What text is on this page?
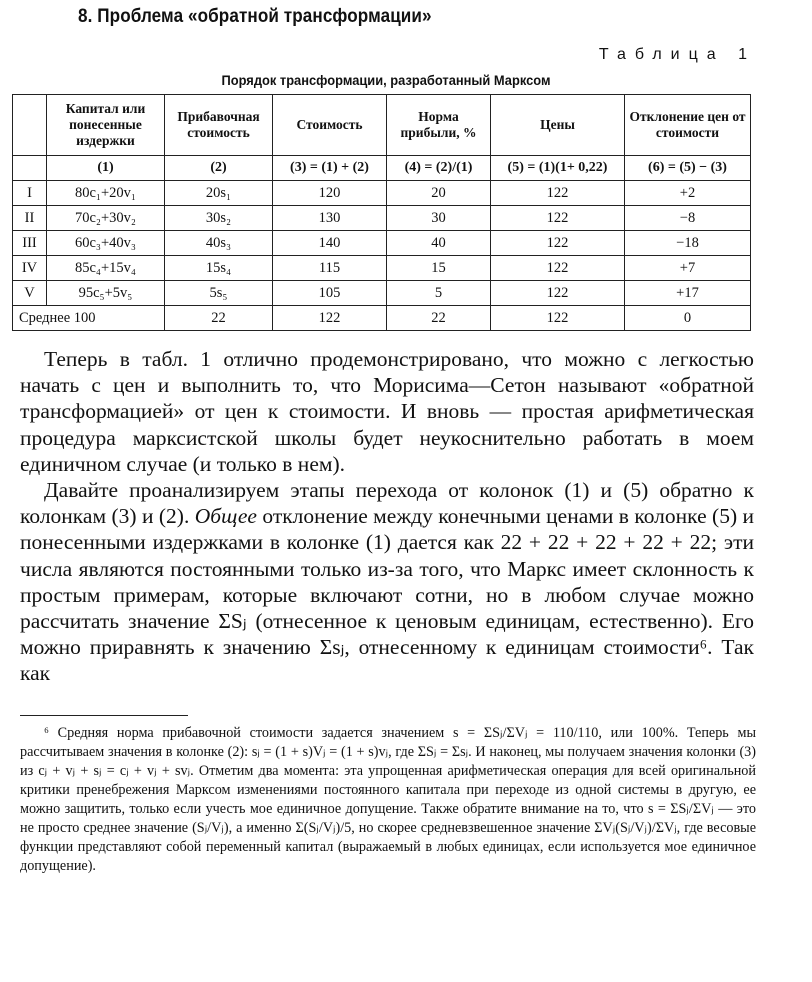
8. Проблема «обратной трансформации»
Таблица 1
Порядок трансформации, разработанный Марксом
	Капитал или понесенные издержки	Прибавочная стоимость	Стоимость	Норма прибыли, %	Цены	Отклонение цен от стоимости
	(1)	(2)	(3) = (1) + (2)	(4) = (2)/(1)	(5) = (1)(1+ 0,22)	(6) = (5) − (3)
I	80c₁+20v₁	20s₁	120	20	122	+2
II	70c₂+30v₂	30s₂	130	30	122	−8
III	60c₃+40v₃	40s₃	140	40	122	−18
IV	85c₄+15v₄	15s₄	115	15	122	+7
V	95c₅+5v₅	5s₅	105	5	122	+17
Среднее 100		22	122	22	122	0

Теперь в табл. 1 отлично продемонстрировано, что можно с легкостью начать с цен и выполнить то, что Морисима—Сетон называют «обратной трансформацией» от цен к стоимости. И вновь — простая арифметическая процедура марксистской школы будет неукоснительно работать в моем единичном случае (и только в нем).

Давайте проанализируем этапы перехода от колонок (1) и (5) обратно к колонкам (3) и (2). Общее отклонение между конечными ценами в колонке (5) и понесенными издержками в колонке (1) дается как 22 + 22 + 22 + 22 + 22; эти числа являются постоянными только из-за того, что Маркс имеет склонность к простым примерам, которые включают сотни, но в любом случае можно рассчитать значение ΣSⱼ (отнесенное к ценовым единицам, естественно). Его можно приравнять к значению Σsⱼ, отнесенному к единицам стоимости⁶. Так как

⁶ Средняя норма прибавочной стоимости задается значением s = ΣSⱼ/ΣVⱼ = 110/110, или 100%. Теперь мы рассчитываем значения в колонке (2): sⱼ = (1 + s)Vⱼ = (1 + s)vⱼ, где ΣSⱼ = Σsⱼ. И наконец, мы получаем значения колонки (3) из cⱼ + vⱼ + sⱼ = cⱼ + vⱼ + svⱼ. Отметим два момента: эта упрощенная арифметическая операция для всей оригинальной критики пренебрежения Марксом изменениями постоянного капитала при переходе из одной системы в другую, ее можно защитить, только если учесть мое единичное допущение. Также обратите внимание на то, что s = ΣSⱼ/ΣVⱼ — это не просто среднее значение (Sⱼ/Vⱼ), а именно Σ(Sⱼ/Vⱼ)/5, но скорее средневзвешенное значение ΣVⱼ(Sⱼ/Vⱼ)/ΣVⱼ, где весовые функции представляют собой переменный капитал (выражаемый в любых единицах, если используется мое единичное допущение).
